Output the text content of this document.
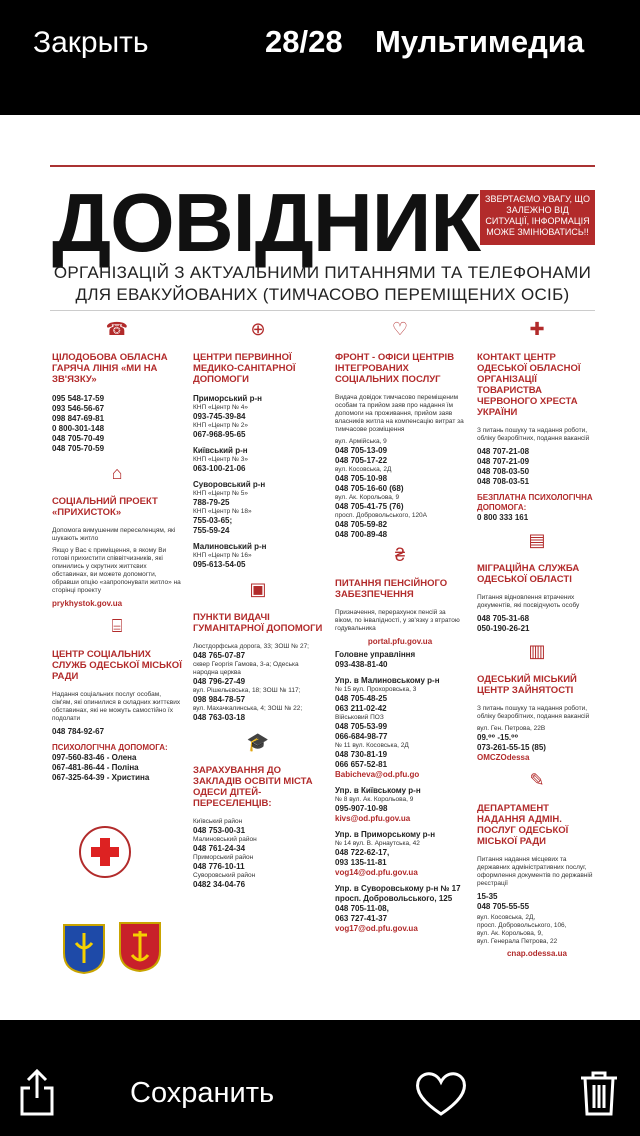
Закрыть	28/28 Мультимедиа
ДОВІДНИК ЗВЕРТАЄМО УВАГУ, ЩО ЗАЛЕЖНО ВІД СИТУАЦІЇ, ІНФОРМАЦІЯ МОЖЕ ЗМІНЮВАТИСЬ!!
ОРГАНІЗАЦІЙ З АКТУАЛЬНИМИ ПИТАННЯМИ ТА ТЕЛЕФОНАМИ
ДЛЯ ЕВАКУЙОВАНИХ (ТИМЧАСОВО ПЕРЕМІЩЕНИХ ОСІБ)
☎
ЦІЛОДОБОВА ОБЛАСНА ГАРЯЧА ЛІНІЯ «МИ НА ЗВ'ЯЗКУ»
095 548-17-59
093 546-56-67
098 847-69-81
0 800-301-148
048 705-70-49
048 705-70-59
⌂
СОЦІАЛЬНИЙ ПРОЕКТ «ПРИХИСТОК»
Допомога вимушеним переселенцям, які шукають житло
Якщо у Вас є приміщення, в якому Ви готові прихистити співвітчизників, які опинились у скрутних життєвих обставинах, ви можете допомогти, обравши опцію «запропонувати житло» на сторінці проекту
prykhystok.gov.ua
⌸
ЦЕНТР СОЦІАЛЬНИХ СЛУЖБ ОДЕСЬКОЇ МІСЬКОЇ РАДИ
Надання соціальних послуг особам, сім'ям, які опинилися в складних життєвих обставинах, які не можуть самостійно їх подолати
048 784-92-67
ПСИХОЛОГІЧНА ДОПОМОГА:
097-560-83-46 - Олена
067-481-86-44 - Поліна
067-325-64-39 - Христина
⊕
ЦЕНТРИ ПЕРВИННОЇ МЕДИКО-САНІТАРНОЇ ДОПОМОГИ
Приморський р-н
КНП «Центр № 4»
093-745-39-84
КНП «Центр № 2»
067-968-95-65
Київський р-н
КНП «Центр № 3»
063-100-21-06
Суворовський р-н
КНП «Центр № 5»
788-79-25
КНП «Центр № 18»
755-03-65;
755-59-24
Малиновський р-н
КНП «Центр № 16»
095-613-54-05
▣
ПУНКТИ ВИДАЧІ ГУМАНІТАРНОЇ ДОПОМОГИ
Люстдорфська дорога, 33; ЗОШ № 27;
048 765-07-87
сквер Георгія Гамова, 3-а; Одеська народна церква
048 796-27-49
вул. Рішельєвська, 18; ЗОШ № 117;
098 984-78-57
вул. Махачкалинська, 4; ЗОШ № 22;
048 763-03-18
🎓
ЗАРАХУВАННЯ ДО ЗАКЛАДІВ ОСВІТИ МІСТА ОДЕСИ ДІТЕЙ-ПЕРЕСЕЛЕНЦІВ:
Київський район
048 753-00-31
Малиновський район
048 761-24-34
Приморський район
048 776-10-11
Суворовський район
0482 34-04-76
♡
ФРОНТ - ОФІСИ ЦЕНТРІВ ІНТЕГРОВАНИХ СОЦІАЛЬНИХ ПОСЛУГ
Видача довідок тимчасово переміщеним особам та прийом заяв про надання їм допомоги на проживання, прийом заяв власників житла на компенсацію витрат за тимчасове розміщення
вул. Армійська, 9
048 705-13-09
048 705-17-22
вул. Косовська, 2Д
048 705-10-98
048 705-16-60 (68)
вул. Ак. Корольова, 9
048 705-41-75 (76)
просп. Добровольського, 120А
048 705-59-82
048 700-89-48
₴
ПИТАННЯ ПЕНСІЙНОГО ЗАБЕЗПЕЧЕННЯ
Призначення, перерахунок пенсій за віком, по інвалідності, у зв'язку з втратою годувальника
portal.pfu.gov.ua
Головне управління
093-438-81-40
Упр. в Малиновському р-н
№ 15 вул. Прохоровська, 3
048 705-48-25
063 211-02-42
Військовий ПОЗ
048 705-53-99
066-684-98-77
№ 11 вул. Косовська, 2Д
048 730-81-19
066 657-52-81
Babicheva@od.pfu.go
Упр. в Київському р-н
№ 8 вул. Ак. Корольова, 9
095-907-10-98
kivs@od.pfu.gov.ua
Упр. в Приморському р-н
№ 14 вул. В. Арнаутська, 42
048 722-62-17,
093 135-11-81
vog14@od.pfu.gov.ua
Упр. в Суворовському р-н № 17 просп. Добровольського, 125
048 705-11-08,
063 727-41-37
vog17@od.pfu.gov.ua
✚
КОНТАКТ ЦЕНТР ОДЕСЬКОЇ ОБЛАСНОЇ ОРГАНІЗАЦІЇ ТОВАРИСТВА ЧЕРВОНОГО ХРЕСТА УКРАЇНИ
З питань пошуку та надання роботи, обліку безробітних, подання вакансій
048 707-21-08
048 707-21-09
048 708-03-50
048 708-03-51
БЕЗПЛАТНА ПСИХОЛОГІЧНА ДОПОМОГА:
0 800 333 161
▤
МІГРАЦІЙНА СЛУЖБА ОДЕСЬКОЇ ОБЛАСТІ
Питання відновлення втрачених документів, які посвідчують особу
048 705-31-68
050-190-26-21
▥
ОДЕСЬКИЙ МІСЬКИЙ ЦЕНТР ЗАЙНЯТОСТІ
З питань пошуку та надання роботи, обліку безробітних, подання вакансій
вул. Ген. Петрова, 22В
09.⁰⁰ -15.⁰⁰
073-261-55-15 (85)
OMCZOdessa
✎
ДЕПАРТАМЕНТ НАДАННЯ АДМІН. ПОСЛУГ ОДЕСЬКОЇ МІСЬКОЇ РАДИ
Питання надання місцевих та державних адміністративних послуг, оформлення документів по державній реєстрації
15-35
048 705-55-55
вул. Косовська, 2Д,
просп. Добровольського, 106,
вул. Ак. Корольова, 9,
вул. Генерала Петрова, 22
cnap.odessa.ua
Сохранить
